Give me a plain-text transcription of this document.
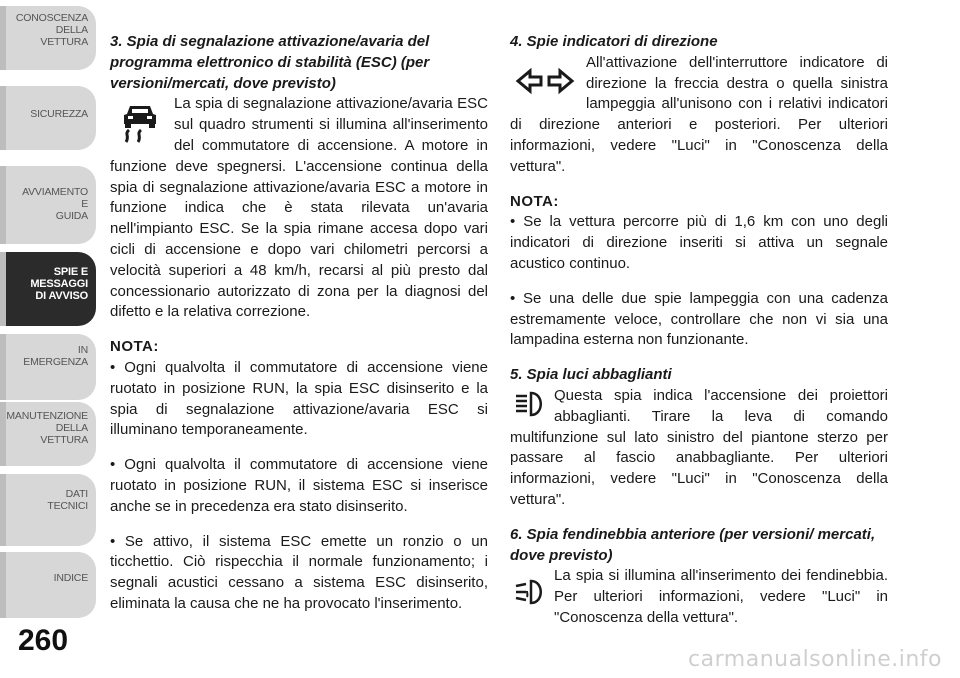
CONOSCENZA
DELLA
VETTURA
SICUREZZA
AVVIAMENTO
E
GUIDA
SPIE E
MESSAGGI
DI AVVISO
IN
EMERGENZA
MANUTENZIONE
DELLA
VETTURA
DATI
TECNICI
INDICE
260

3. Spia di segnalazione attivazione/avaria del programma elettronico di stabilità (ESC) (per versioni/mercati, dove previsto)

La spia di segnalazione attivazione/avaria ESC sul quadro strumenti si illumina all'inserimento del commutatore di accensione. A motore in funzione deve spegnersi. L'accensione continua della spia di segnalazione attivazione/avaria ESC a motore in funzione indica che è stata rilevata un'avaria nell'impianto ESC. Se la spia rimane accesa dopo vari cicli di accensione e dopo vari chilometri percorsi a velocità superiori a 48 km/h, recarsi al più presto dal concessionario autorizzato di zona per la diagnosi del difetto e la relativa correzione.

NOTA:

• Ogni qualvolta il commutatore di accensione viene ruotato in posizione RUN, la spia ESC disinserito e la spia di segnalazione attivazione/avaria ESC si illuminano temporaneamente.

• Ogni qualvolta il commutatore di accensione viene ruotato in posizione RUN, il sistema ESC si inserisce anche se in precedenza era stato disinserito.

• Se attivo, il sistema ESC emette un ronzio o un ticchettio. Ciò rispecchia il normale funzionamento; i segnali acustici cessano a sistema ESC disinserito, eliminata la causa che ne ha provocato l'inserimento.

4. Spie indicatori di direzione

All'attivazione dell'interruttore indicatore di direzione la freccia destra o quella sinistra lampeggia all'unisono con i relativi indicatori di direzione anteriori e posteriori. Per ulteriori informazioni, vedere "Luci" in "Conoscenza della vettura".

NOTA:

• Se la vettura percorre più di 1,6 km con uno degli indicatori di direzione inseriti si attiva un segnale acustico continuo.

• Se una delle due spie lampeggia con una cadenza estremamente veloce, controllare che non vi sia una lampadina esterna non funzionante.

5. Spia luci abbaglianti

Questa spia indica l'accensione dei proiettori abbaglianti. Tirare la leva di comando multifunzione sul lato sinistro del piantone sterzo per passare al fascio anabbagliante. Per ulteriori informazioni, vedere "Luci" in "Conoscenza della vettura".

6. Spia fendinebbia anteriore (per versioni/ mercati, dove previsto)

La spia si illumina all'inserimento dei fendinebbia. Per ulteriori informazioni, vedere "Luci" in "Conoscenza della vettura".

carmanualsonline.info
